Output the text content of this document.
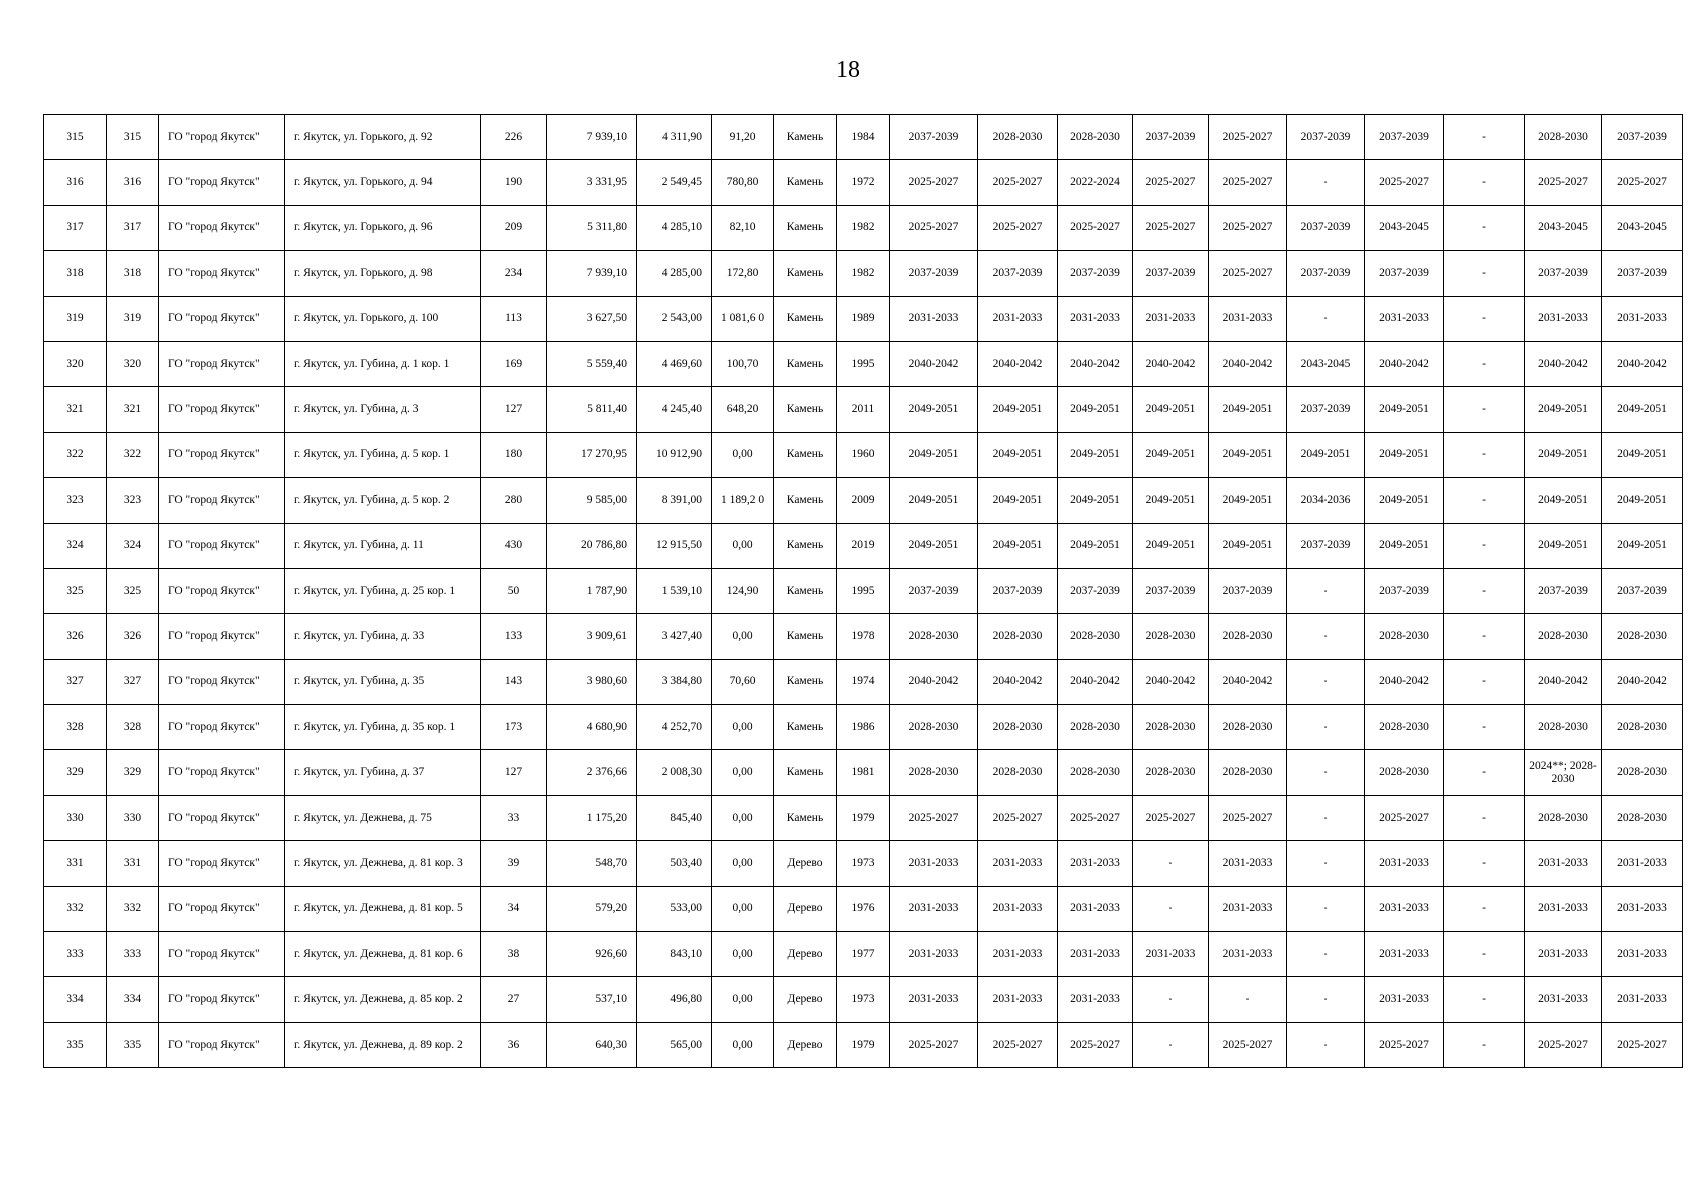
18
315	315	ГО "город Якутск"	г. Якутск, ул. Горького, д. 92	226	7 939,10	4 311,90	91,20	Камень	1984	2037-2039	2028-2030	2028-2030	2037-2039	2025-2027	2037-2039	2037-2039	-	2028-2030	2037-2039
316	316	ГО "город Якутск"	г. Якутск, ул. Горького, д. 94	190	3 331,95	2 549,45	780,80	Камень	1972	2025-2027	2025-2027	2022-2024	2025-2027	2025-2027	-	2025-2027	-	2025-2027	2025-2027
317	317	ГО "город Якутск"	г. Якутск, ул. Горького, д. 96	209	5 311,80	4 285,10	82,10	Камень	1982	2025-2027	2025-2027	2025-2027	2025-2027	2025-2027	2037-2039	2043-2045	-	2043-2045	2043-2045
318	318	ГО "город Якутск"	г. Якутск, ул. Горького, д. 98	234	7 939,10	4 285,00	172,80	Камень	1982	2037-2039	2037-2039	2037-2039	2037-2039	2025-2027	2037-2039	2037-2039	-	2037-2039	2037-2039
319	319	ГО "город Якутск"	г. Якутск, ул. Горького, д. 100	113	3 627,50	2 543,00	1 081,6 0	Камень	1989	2031-2033	2031-2033	2031-2033	2031-2033	2031-2033	-	2031-2033	-	2031-2033	2031-2033
320	320	ГО "город Якутск"	г. Якутск, ул. Губина, д. 1 кор. 1	169	5 559,40	4 469,60	100,70	Камень	1995	2040-2042	2040-2042	2040-2042	2040-2042	2040-2042	2043-2045	2040-2042	-	2040-2042	2040-2042
321	321	ГО "город Якутск"	г. Якутск, ул. Губина, д. 3	127	5 811,40	4 245,40	648,20	Камень	2011	2049-2051	2049-2051	2049-2051	2049-2051	2049-2051	2037-2039	2049-2051	-	2049-2051	2049-2051
322	322	ГО "город Якутск"	г. Якутск, ул. Губина, д. 5 кор. 1	180	17 270,95	10 912,90	0,00	Камень	1960	2049-2051	2049-2051	2049-2051	2049-2051	2049-2051	2049-2051	2049-2051	-	2049-2051	2049-2051
323	323	ГО "город Якутск"	г. Якутск, ул. Губина, д. 5 кор. 2	280	9 585,00	8 391,00	1 189,2 0	Камень	2009	2049-2051	2049-2051	2049-2051	2049-2051	2049-2051	2034-2036	2049-2051	-	2049-2051	2049-2051
324	324	ГО "город Якутск"	г. Якутск, ул. Губина, д. 11	430	20 786,80	12 915,50	0,00	Камень	2019	2049-2051	2049-2051	2049-2051	2049-2051	2049-2051	2037-2039	2049-2051	-	2049-2051	2049-2051
325	325	ГО "город Якутск"	г. Якутск, ул. Губина, д. 25 кор. 1	50	1 787,90	1 539,10	124,90	Камень	1995	2037-2039	2037-2039	2037-2039	2037-2039	2037-2039	-	2037-2039	-	2037-2039	2037-2039
326	326	ГО "город Якутск"	г. Якутск, ул. Губина, д. 33	133	3 909,61	3 427,40	0,00	Камень	1978	2028-2030	2028-2030	2028-2030	2028-2030	2028-2030	-	2028-2030	-	2028-2030	2028-2030
327	327	ГО "город Якутск"	г. Якутск, ул. Губина, д. 35	143	3 980,60	3 384,80	70,60	Камень	1974	2040-2042	2040-2042	2040-2042	2040-2042	2040-2042	-	2040-2042	-	2040-2042	2040-2042
328	328	ГО "город Якутск"	г. Якутск, ул. Губина, д. 35 кор. 1	173	4 680,90	4 252,70	0,00	Камень	1986	2028-2030	2028-2030	2028-2030	2028-2030	2028-2030	-	2028-2030	-	2028-2030	2028-2030
329	329	ГО "город Якутск"	г. Якутск, ул. Губина, д. 37	127	2 376,66	2 008,30	0,00	Камень	1981	2028-2030	2028-2030	2028-2030	2028-2030	2028-2030	-	2028-2030	-	2024**; 2028-2030	2028-2030
330	330	ГО "город Якутск"	г. Якутск, ул. Дежнева, д. 75	33	1 175,20	845,40	0,00	Камень	1979	2025-2027	2025-2027	2025-2027	2025-2027	2025-2027	-	2025-2027	-	2028-2030	2028-2030
331	331	ГО "город Якутск"	г. Якутск, ул. Дежнева, д. 81 кор. 3	39	548,70	503,40	0,00	Дерево	1973	2031-2033	2031-2033	2031-2033	-	2031-2033	-	2031-2033	-	2031-2033	2031-2033
332	332	ГО "город Якутск"	г. Якутск, ул. Дежнева, д. 81 кор. 5	34	579,20	533,00	0,00	Дерево	1976	2031-2033	2031-2033	2031-2033	-	2031-2033	-	2031-2033	-	2031-2033	2031-2033
333	333	ГО "город Якутск"	г. Якутск, ул. Дежнева, д. 81 кор. 6	38	926,60	843,10	0,00	Дерево	1977	2031-2033	2031-2033	2031-2033	2031-2033	2031-2033	-	2031-2033	-	2031-2033	2031-2033
334	334	ГО "город Якутск"	г. Якутск, ул. Дежнева, д. 85 кор. 2	27	537,10	496,80	0,00	Дерево	1973	2031-2033	2031-2033	2031-2033	-	-	-	2031-2033	-	2031-2033	2031-2033
335	335	ГО "город Якутск"	г. Якутск, ул. Дежнева, д. 89 кор. 2	36	640,30	565,00	0,00	Дерево	1979	2025-2027	2025-2027	2025-2027	-	2025-2027	-	2025-2027	-	2025-2027	2025-2027
